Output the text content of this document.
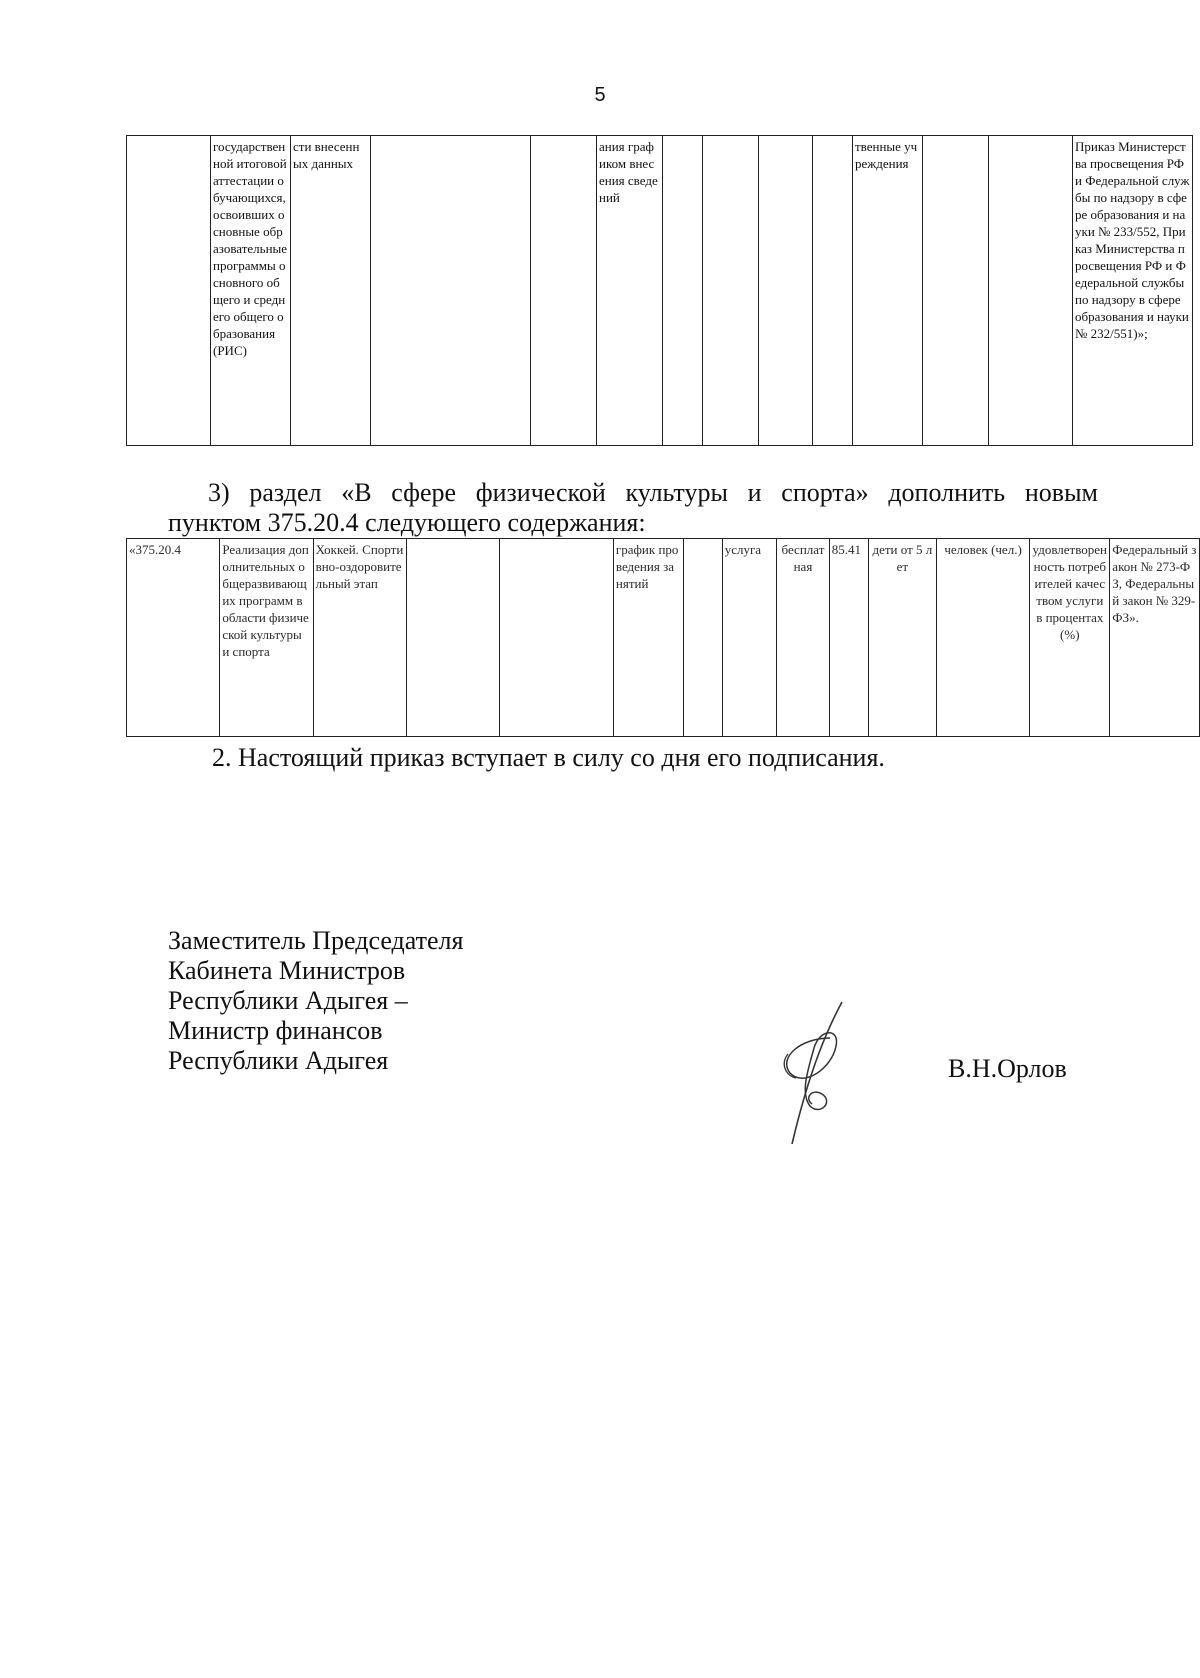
5
	государственной итоговой аттестации обучающихся, освоивших основные образовательные программы основного общего и среднего общего образования (РИС)	сти внесенных данных			ания графиком внесения сведений					твенные учреждения			Приказ Министерства просвещения РФ и Федеральной службы по надзору в сфере образования и науки № 233/552, Приказ Министерства просвещения РФ и Федеральной службы по надзору в сфере образования и науки № 232/551)»;

3) раздел «В сфере физической культуры и спорта» дополнить новым
пунктом 375.20.4 следующего содержания:

«375.20.4	Реализация дополнительных общеразвивающих программ в области физической культуры и спорта	Хоккей. Спортивно-оздоровительный этап			график проведения занятий		услуга	бесплатная	85.41	дети от 5 лет	человек (чел.)	удовлетворенность потребителей качеством услуги в процентах (%)	Федеральный закон № 273-ФЗ, Федеральный закон № 329-ФЗ».

2. Настоящий приказ вступает в силу со дня его подписания.

Заместитель Председателя
Кабинета Министров
Республики Адыгея –
Министр финансов
Республики Адыгея	В.Н.Орлов
